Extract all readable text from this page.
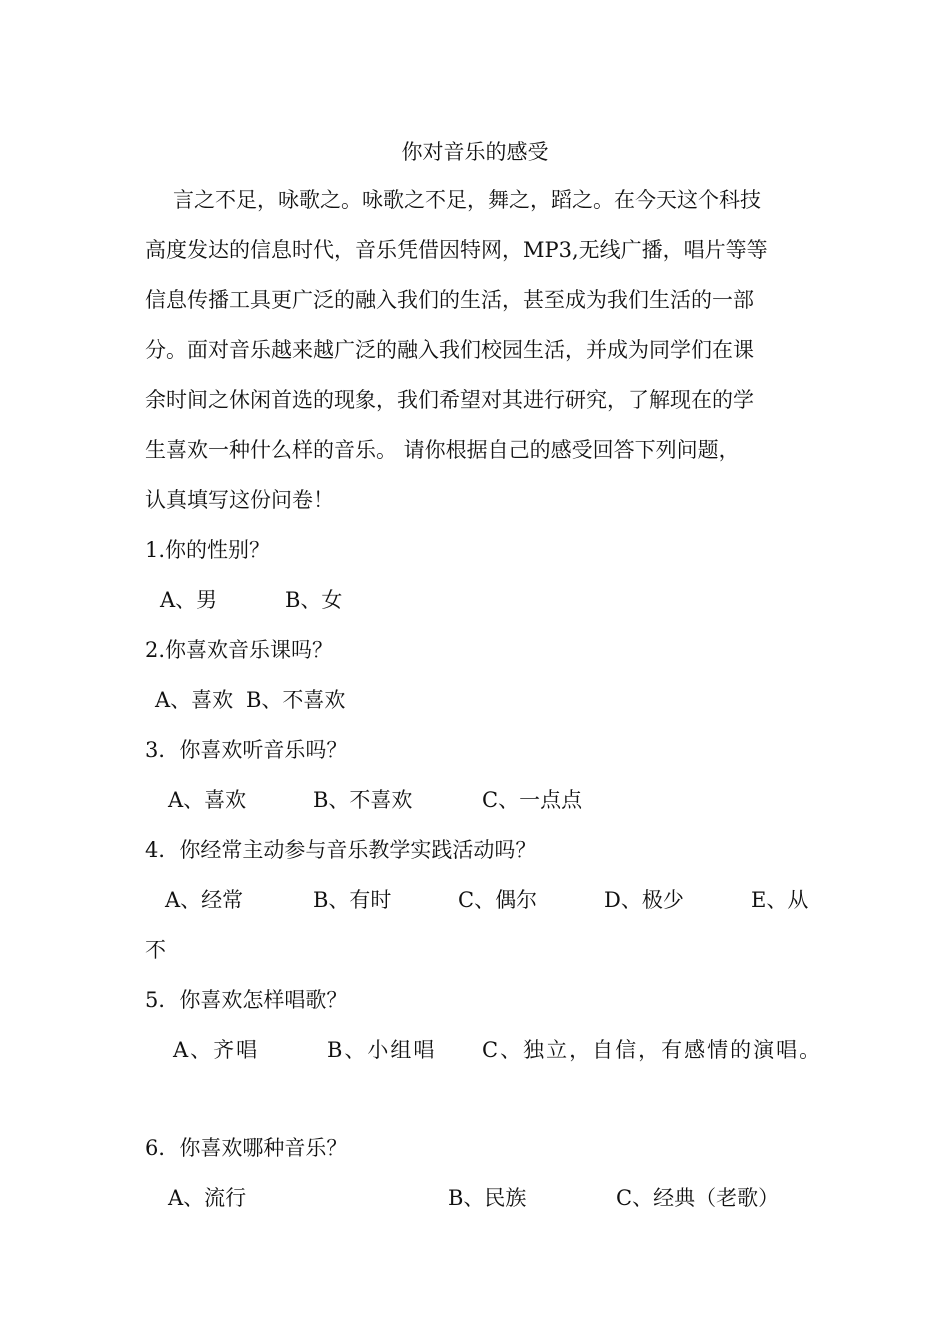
你对音乐的感受
言之不足，咏歌之。咏歌之不足，舞之，蹈之。在今天这个科技
高度发达的信息时代，音乐凭借因特网，MP3,无线广播，唱片等等
信息传播工具更广泛的融入我们的生活，甚至成为我们生活的一部
分。面对音乐越来越广泛的融入我们校园生活，并成为同学们在课
余时间之休闲首选的现象，我们希望对其进行研究，了解现在的学
生喜欢一种什么样的音乐。 请你根据自己的感受回答下列问题，
认真填写这份问卷！
1.你的性别？
A、男	B、女
2.你喜欢音乐课吗？
A、喜欢 B、不喜欢
3．你喜欢听音乐吗？
A、喜欢	B、不喜欢	C、一点点
4．你经常主动参与音乐教学实践活动吗？
A、经常	B、有时	C、偶尔	D、极少	E、从
不
5．你喜欢怎样唱歌？
A、齐唱	B、小组唱 C、独立，自信，有感情的演唱。
6．你喜欢哪种音乐？
A、流行	B、民族	C、经典（老歌）
